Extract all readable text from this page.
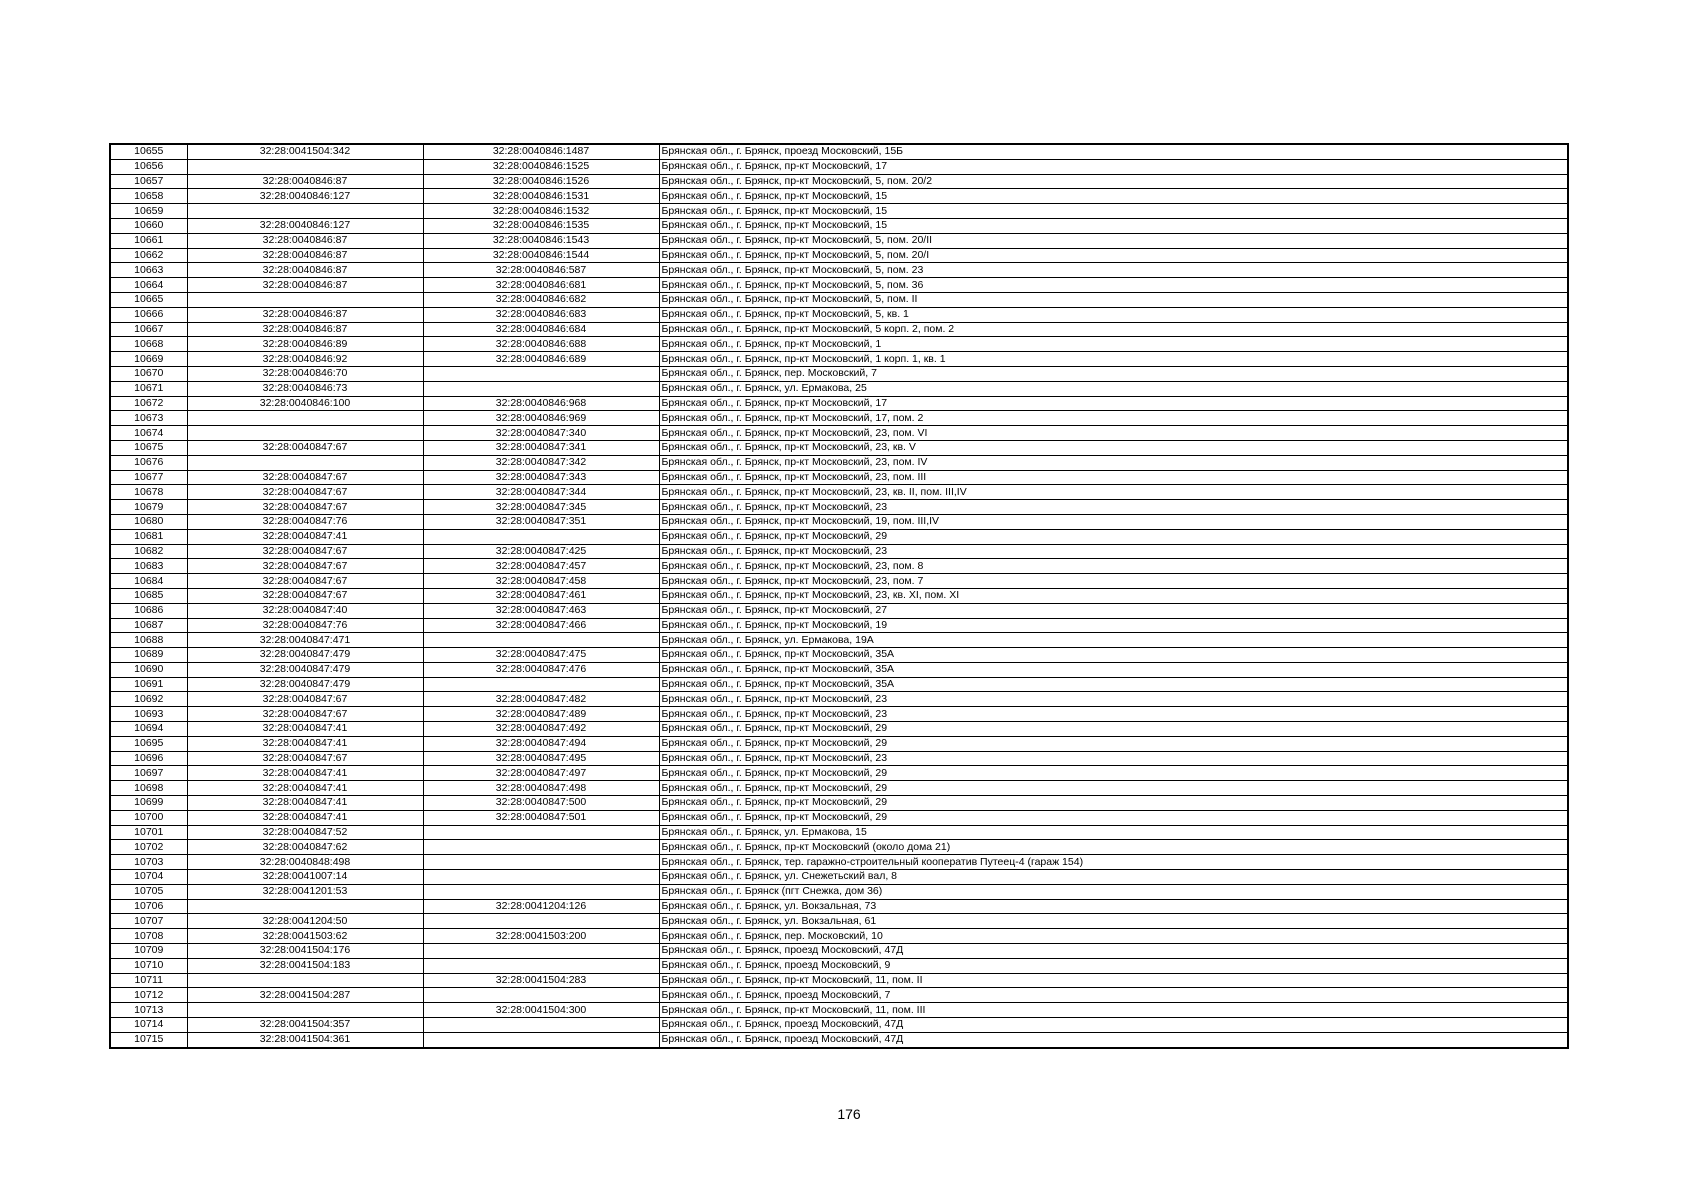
10655	32:28:0041504:342	32:28:0040846:1487	Брянская обл., г. Брянск, проезд Московский, 15Б
10656		32:28:0040846:1525	Брянская обл., г. Брянск, пр-кт Московский, 17
10657	32:28:0040846:87	32:28:0040846:1526	Брянская обл., г. Брянск, пр-кт Московский, 5, пом. 20/2
10658	32:28:0040846:127	32:28:0040846:1531	Брянская обл., г. Брянск, пр-кт Московский, 15
10659		32:28:0040846:1532	Брянская обл., г. Брянск, пр-кт Московский, 15
10660	32:28:0040846:127	32:28:0040846:1535	Брянская обл., г. Брянск, пр-кт Московский, 15
10661	32:28:0040846:87	32:28:0040846:1543	Брянская обл., г. Брянск, пр-кт Московский, 5, пом. 20/II
10662	32:28:0040846:87	32:28:0040846:1544	Брянская обл., г. Брянск, пр-кт Московский, 5, пом. 20/I
10663	32:28:0040846:87	32:28:0040846:587	Брянская обл., г. Брянск, пр-кт Московский, 5, пом. 23
10664	32:28:0040846:87	32:28:0040846:681	Брянская обл., г. Брянск, пр-кт Московский, 5, пом. 36
10665		32:28:0040846:682	Брянская обл., г. Брянск, пр-кт Московский, 5, пом. II
10666	32:28:0040846:87	32:28:0040846:683	Брянская обл., г. Брянск, пр-кт Московский, 5, кв. 1
10667	32:28:0040846:87	32:28:0040846:684	Брянская обл., г. Брянск, пр-кт Московский, 5 корп. 2, пом. 2
10668	32:28:0040846:89	32:28:0040846:688	Брянская обл., г. Брянск, пр-кт Московский, 1
10669	32:28:0040846:92	32:28:0040846:689	Брянская обл., г. Брянск, пр-кт Московский, 1 корп. 1, кв. 1
10670	32:28:0040846:70		Брянская обл., г. Брянск, пер. Московский, 7
10671	32:28:0040846:73		Брянская обл., г. Брянск, ул. Ермакова, 25
10672	32:28:0040846:100	32:28:0040846:968	Брянская обл., г. Брянск, пр-кт Московский, 17
10673		32:28:0040846:969	Брянская обл., г. Брянск, пр-кт Московский, 17, пом. 2
10674		32:28:0040847:340	Брянская обл., г. Брянск, пр-кт Московский, 23, пом. VI
10675	32:28:0040847:67	32:28:0040847:341	Брянская обл., г. Брянск, пр-кт Московский, 23, кв. V
10676		32:28:0040847:342	Брянская обл., г. Брянск, пр-кт Московский, 23, пом. IV
10677	32:28:0040847:67	32:28:0040847:343	Брянская обл., г. Брянск, пр-кт Московский, 23, пом. III
10678	32:28:0040847:67	32:28:0040847:344	Брянская обл., г. Брянск, пр-кт Московский, 23, кв. II, пом. III,IV
10679	32:28:0040847:67	32:28:0040847:345	Брянская обл., г. Брянск, пр-кт Московский, 23
10680	32:28:0040847:76	32:28:0040847:351	Брянская обл., г. Брянск, пр-кт Московский, 19, пом. III,IV
10681	32:28:0040847:41		Брянская обл., г. Брянск, пр-кт Московский, 29
10682	32:28:0040847:67	32:28:0040847:425	Брянская обл., г. Брянск, пр-кт Московский, 23
10683	32:28:0040847:67	32:28:0040847:457	Брянская обл., г. Брянск, пр-кт Московский, 23, пом. 8
10684	32:28:0040847:67	32:28:0040847:458	Брянская обл., г. Брянск, пр-кт Московский, 23, пом. 7
10685	32:28:0040847:67	32:28:0040847:461	Брянская обл., г. Брянск, пр-кт Московский, 23, кв. XI, пом. XI
10686	32:28:0040847:40	32:28:0040847:463	Брянская обл., г. Брянск, пр-кт Московский, 27
10687	32:28:0040847:76	32:28:0040847:466	Брянская обл., г. Брянск, пр-кт Московский, 19
10688	32:28:0040847:471		Брянская обл., г. Брянск, ул. Ермакова, 19А
10689	32:28:0040847:479	32:28:0040847:475	Брянская обл., г. Брянск, пр-кт Московский, 35А
10690	32:28:0040847:479	32:28:0040847:476	Брянская обл., г. Брянск, пр-кт Московский, 35А
10691	32:28:0040847:479		Брянская обл., г. Брянск, пр-кт Московский, 35А
10692	32:28:0040847:67	32:28:0040847:482	Брянская обл., г. Брянск, пр-кт Московский, 23
10693	32:28:0040847:67	32:28:0040847:489	Брянская обл., г. Брянск, пр-кт Московский, 23
10694	32:28:0040847:41	32:28:0040847:492	Брянская обл., г. Брянск, пр-кт Московский, 29
10695	32:28:0040847:41	32:28:0040847:494	Брянская обл., г. Брянск, пр-кт Московский, 29
10696	32:28:0040847:67	32:28:0040847:495	Брянская обл., г. Брянск, пр-кт Московский, 23
10697	32:28:0040847:41	32:28:0040847:497	Брянская обл., г. Брянск, пр-кт Московский, 29
10698	32:28:0040847:41	32:28:0040847:498	Брянская обл., г. Брянск, пр-кт Московский, 29
10699	32:28:0040847:41	32:28:0040847:500	Брянская обл., г. Брянск, пр-кт Московский, 29
10700	32:28:0040847:41	32:28:0040847:501	Брянская обл., г. Брянск, пр-кт Московский, 29
10701	32:28:0040847:52		Брянская обл., г. Брянск, ул. Ермакова, 15
10702	32:28:0040847:62		Брянская обл., г. Брянск, пр-кт Московский (около дома 21)
10703	32:28:0040848:498		Брянская обл., г. Брянск, тер. гаражно-строительный кооператив Путеец-4 (гараж 154)
10704	32:28:0041007:14		Брянская обл., г. Брянск, ул. Снежетьский вал, 8
10705	32:28:0041201:53		Брянская обл., г. Брянск (пгт Снежка, дом 36)
10706		32:28:0041204:126	Брянская обл., г. Брянск, ул. Вокзальная, 73
10707	32:28:0041204:50		Брянская обл., г. Брянск, ул. Вокзальная, 61
10708	32:28:0041503:62	32:28:0041503:200	Брянская обл., г. Брянск, пер. Московский, 10
10709	32:28:0041504:176		Брянская обл., г. Брянск, проезд Московский, 47Д
10710	32:28:0041504:183		Брянская обл., г. Брянск, проезд Московский, 9
10711		32:28:0041504:283	Брянская обл., г. Брянск, пр-кт Московский, 11, пом. II
10712	32:28:0041504:287		Брянская обл., г. Брянск, проезд Московский, 7
10713		32:28:0041504:300	Брянская обл., г. Брянск, пр-кт Московский, 11, пом. III
10714	32:28:0041504:357		Брянская обл., г. Брянск, проезд Московский, 47Д
10715	32:28:0041504:361		Брянская обл., г. Брянск, проезд Московский, 47Д
176
